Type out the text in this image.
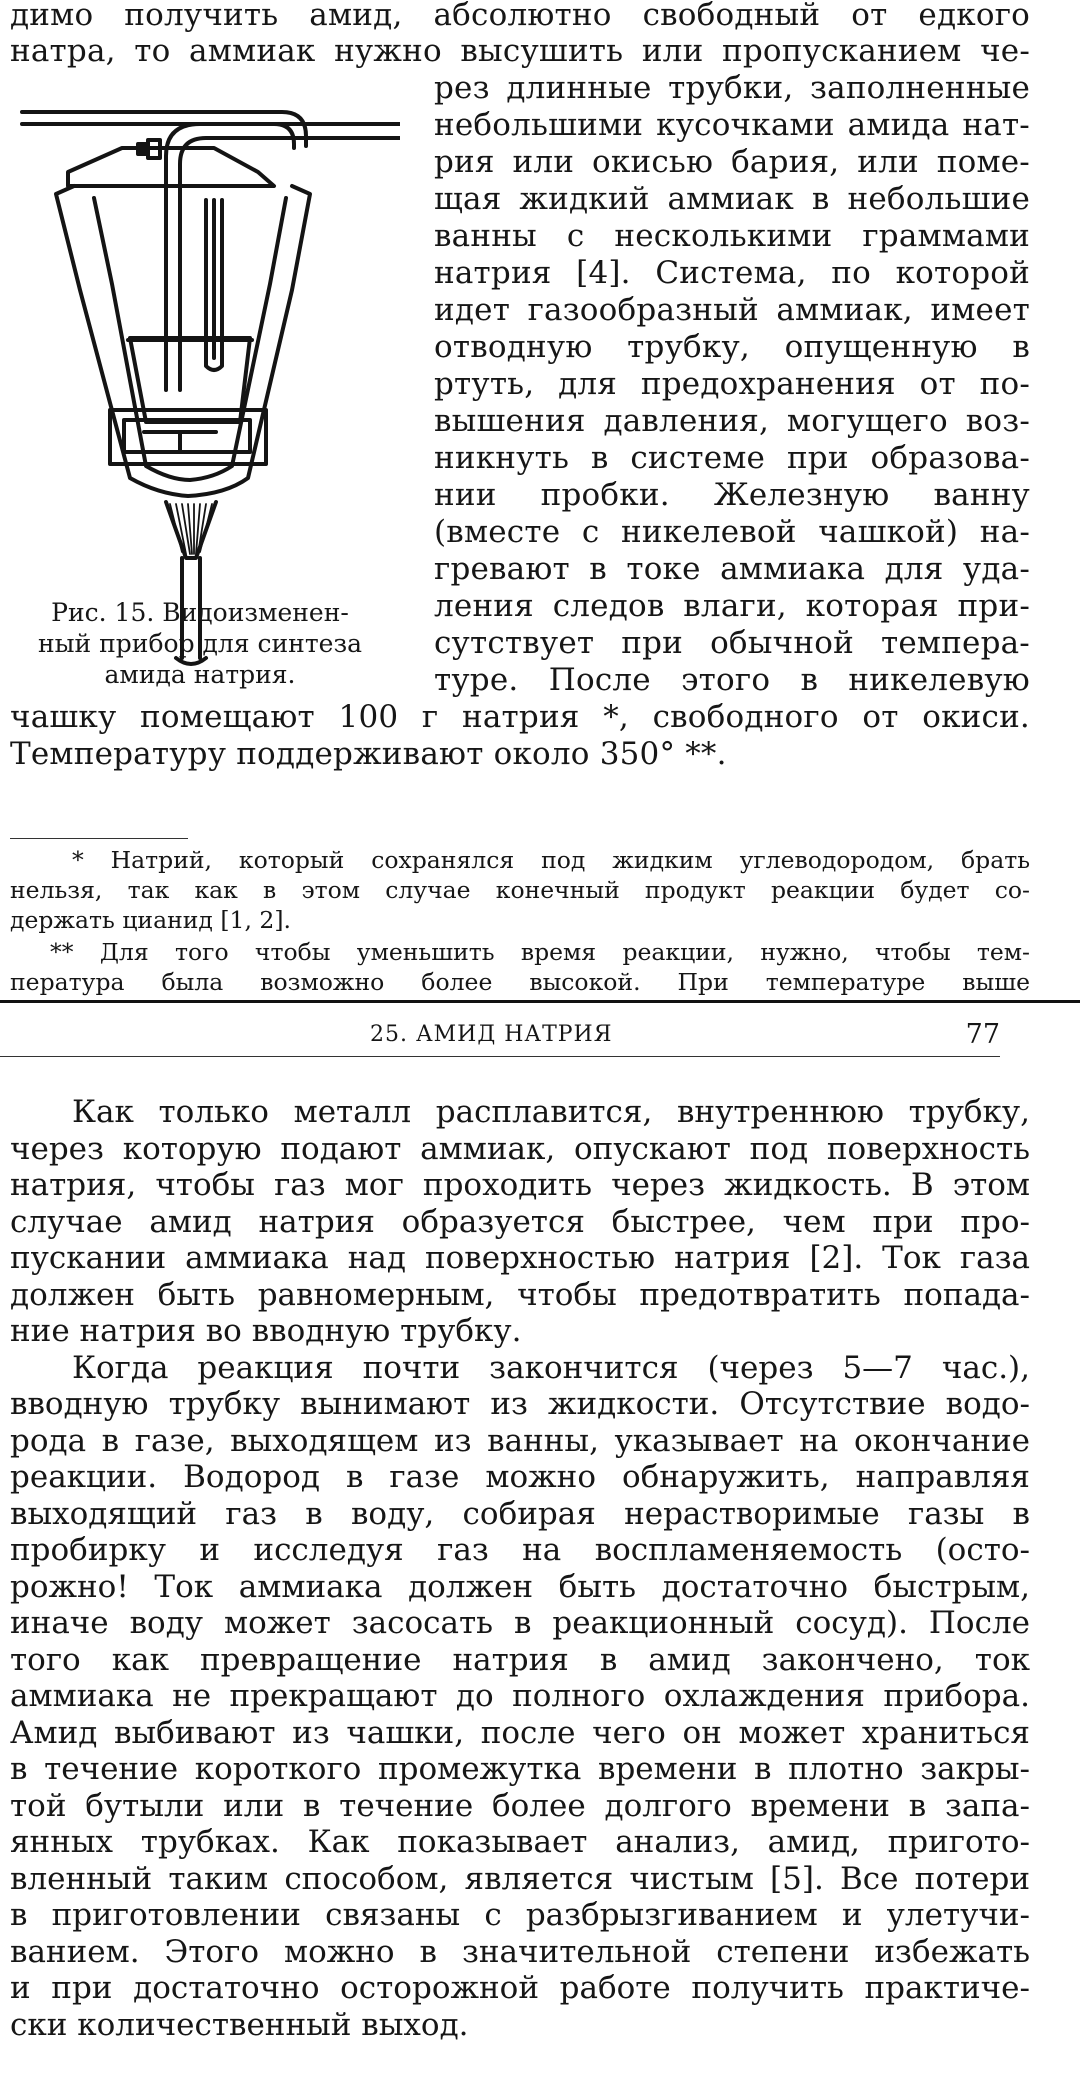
димо получить амид, абсолютно свободный от едкого
натра, то аммиак нужно высушить или пропусканием че-
Рис. 15. Видоизменен-
ный прибор для синтеза
амида натрия.
рез длинные трубки, заполненные
небольшими кусочками амида нат-
рия или окисью бария, или поме-
щая жидкий аммиак в небольшие
ванны с несколькими граммами
натрия [4]. Система, по которой
идет газообразный аммиак, имеет
отводную трубку, опущенную в
ртуть, для предохранения от по-
вышения давления, могущего воз-
никнуть в системе при образова-
нии пробки. Железную ванну
(вместе с никелевой чашкой) на-
гревают в токе аммиака для уда-
ления следов влаги, которая при-
сутствует при обычной темпера-
туре. После этого в никелевую
чашку помещают 100 г натрия *, свободного от окиси.
Температуру поддерживают около 350° **.
* Натрий, который сохранялся под жидким углеводородом, брать
нельзя, так как в этом случае конечный продукт реакции будет со-
держать цианид [1, 2].
** Для того чтобы уменьшить время реакции, нужно, чтобы тем-
пература была возможно более высокой. При температуре выше
25. АМИД НАТРИЯ	77
Как только металл расплавится, внутреннюю трубку,
через которую подают аммиак, опускают под поверхность
натрия, чтобы газ мог проходить через жидкость. В этом
случае амид натрия образуется быстрее, чем при про-
пускании аммиака над поверхностью натрия [2]. Ток газа
должен быть равномерным, чтобы предотвратить попада-
ние натрия во вводную трубку.
Когда реакция почти закончится (через 5—7 час.),
вводную трубку вынимают из жидкости. Отсутствие водо-
рода в газе, выходящем из ванны, указывает на окончание
реакции. Водород в газе можно обнаружить, направляя
выходящий газ в воду, собирая нерастворимые газы в
пробирку и исследуя газ на воспламеняемость (осто-
рожно! Ток аммиака должен быть достаточно быстрым,
иначе воду может засосать в реакционный сосуд). После
того как превращение натрия в амид закончено, ток
аммиака не прекращают до полного охлаждения прибора.
Амид выбивают из чашки, после чего он может храниться
в течение короткого промежутка времени в плотно закры-
той бутыли или в течение более долгого времени в запа-
янных трубках. Как показывает анализ, амид, пригото-
вленный таким способом, является чистым [5]. Все потери
в приготовлении связаны с разбрызгиванием и улетучи-
ванием. Этого можно в значительной степени избежать
и при достаточно осторожной работе получить практиче-
ски количественный выход.
